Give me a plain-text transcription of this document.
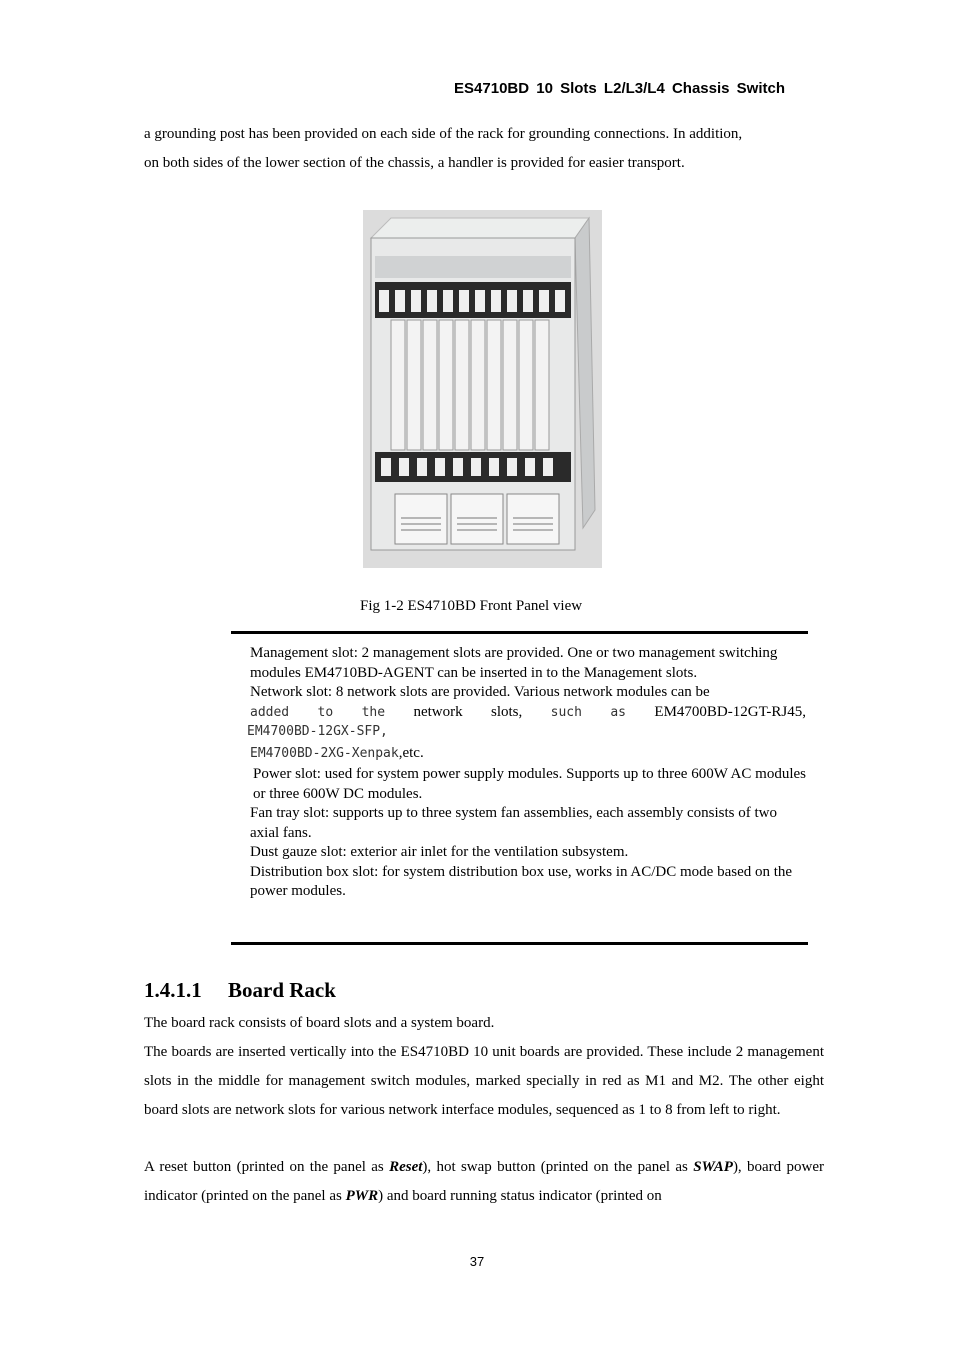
ES4710BD 10 Slots L2/L3/L4 Chassis Switch
a grounding post has been provided on each side of the rack for grounding connections. In addition,
on both sides of the lower section of the chassis, a handler is provided for easier transport.
Fig 1-2 ES4710BD Front Panel view

Management slot: 2 management slots are provided. One or two management switching modules EM4710BD-AGENT can be inserted in to the Management slots.

Network slot: 8 network slots are provided. Various network modules can be

added to the network slots, such as EM4700BD-12GT-RJ45,

EM4700BD-12GX-SFP,

EM4700BD-2XG-Xenpak,etc.

Power slot: used for system power supply modules. Supports up to three 600W AC modules or three 600W DC modules.

Fan tray slot: supports up to three system fan assemblies, each assembly consists of two axial fans.

Dust gauze slot: exterior air inlet for the ventilation subsystem.

Distribution box slot: for system distribution box use, works in AC/DC mode based on the power modules.

1.4.1.1 Board Rack
The board rack consists of board slots and a system board.
The boards are inserted vertically into the ES4710BD 10 unit boards are provided. These include 2 management slots in the middle for management switch modules, marked specially in red as M1 and M2. The other eight board slots are network slots for various network interface modules, sequenced as 1 to 8 from left to right.
A reset button (printed on the panel as Reset), hot swap button (printed on the panel as SWAP), board power indicator (printed on the panel as PWR) and board running status indicator (printed on
37
